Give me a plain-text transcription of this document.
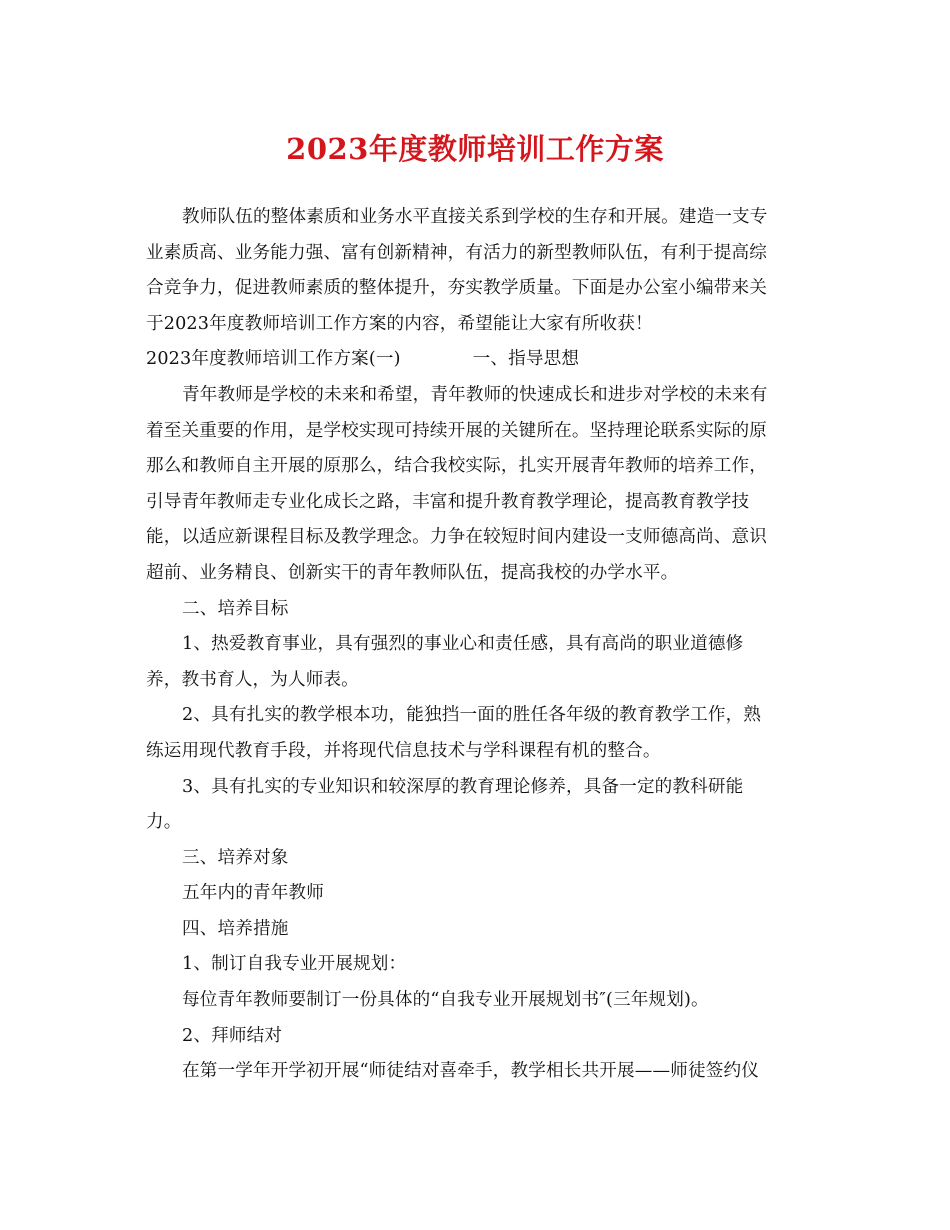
2023年度教师培训工作方案
教师队伍的整体素质和业务水平直接关系到学校的生存和开展。建造一支专
业素质高、业务能力强、富有创新精神，有活力的新型教师队伍，有利于提高综
合竞争力，促进教师素质的整体提升，夯实教学质量。下面是办公室小编带来关
于2023年度教师培训工作方案的内容，希望能让大家有所收获！
2023年度教师培训工作方案(一)	一、指导思想
青年教师是学校的未来和希望，青年教师的快速成长和进步对学校的未来有
着至关重要的作用，是学校实现可持续开展的关键所在。坚持理论联系实际的原
那么和教师自主开展的原那么，结合我校实际，扎实开展青年教师的培养工作，
引导青年教师走专业化成长之路，丰富和提升教育教学理论，提高教育教学技
能，以适应新课程目标及教学理念。力争在较短时间内建设一支师德高尚、意识
超前、业务精良、创新实干的青年教师队伍，提高我校的办学水平。
二、培养目标
1、热爱教育事业，具有强烈的事业心和责任感，具有高尚的职业道德修
养，教书育人，为人师表。
2、具有扎实的教学根本功，能独挡一面的胜任各年级的教育教学工作，熟
练运用现代教育手段，并将现代信息技术与学科课程有机的整合。
3、具有扎实的专业知识和较深厚的教育理论修养，具备一定的教科研能
力。
三、培养对象
五年内的青年教师
四、培养措施
1、制订自我专业开展规划：
每位青年教师要制订一份具体的“自我专业开展规划书″(三年规划)。
2、拜师结对
在第一学年开学初开展“师徒结对喜牵手，教学相长共开展——师徒签约仪
